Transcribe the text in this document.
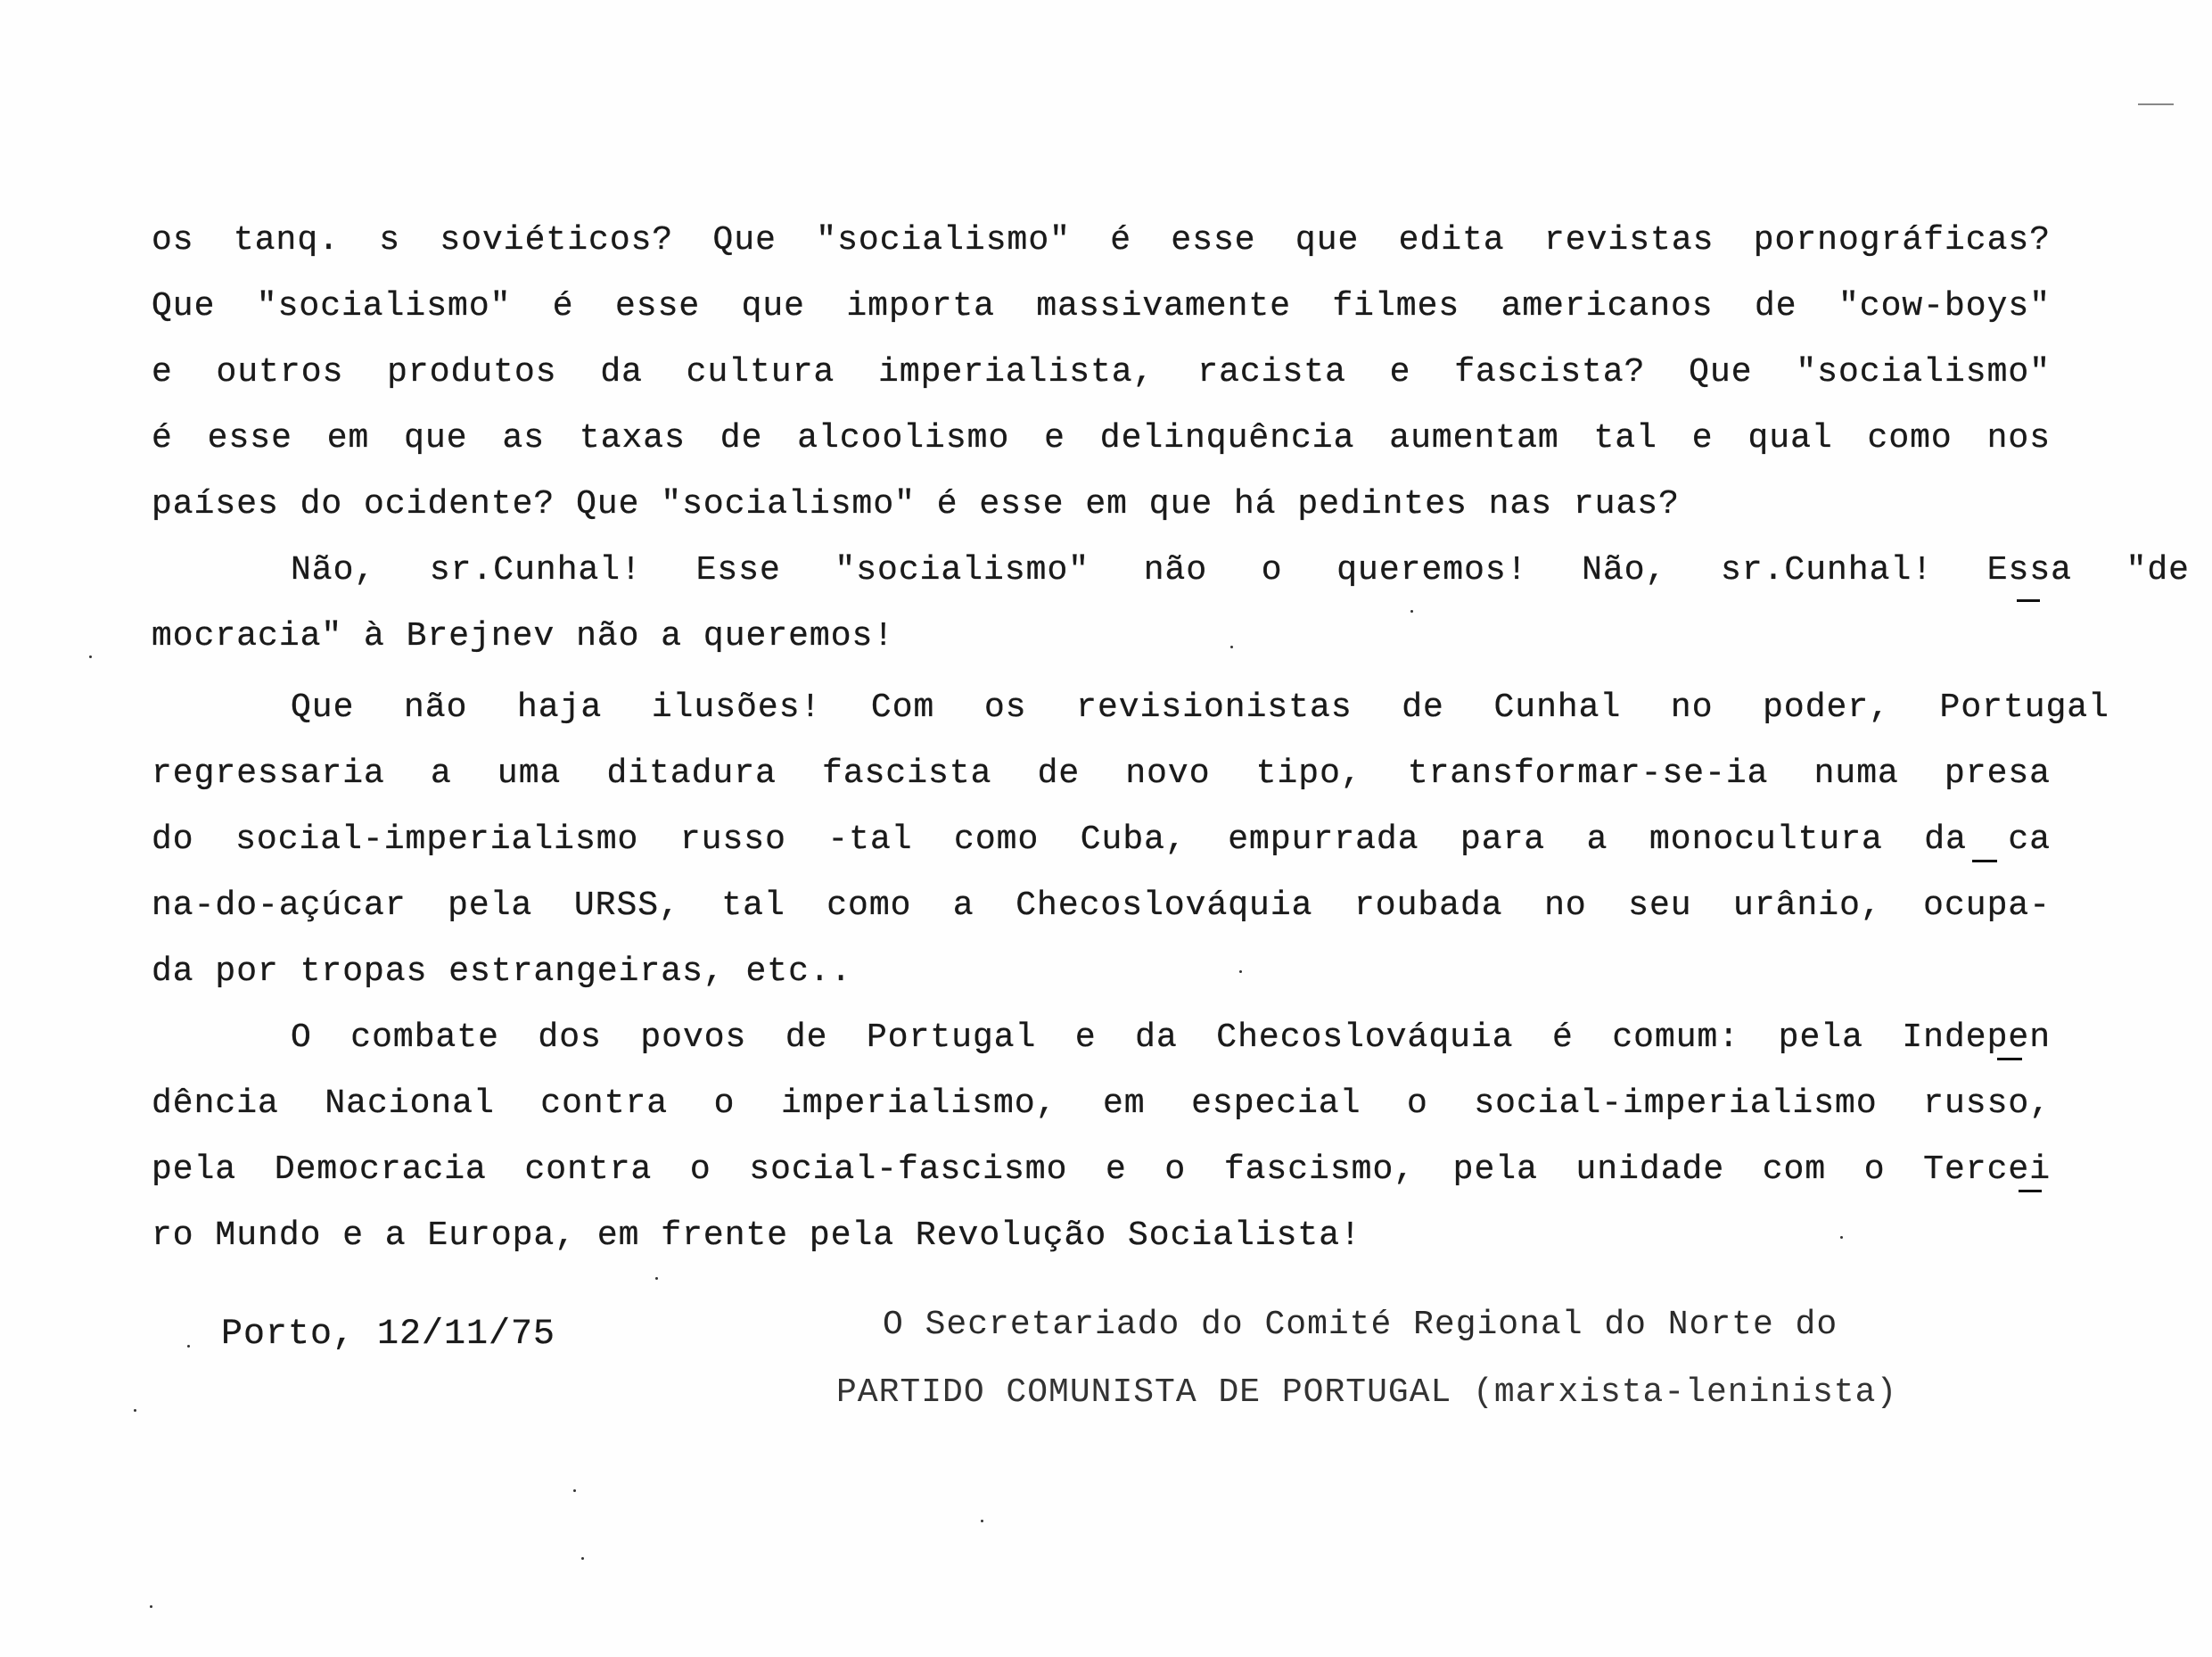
os tanq. s soviéticos? Que "socialismo" é esse que edita revistas pornográficas?
Que "socialismo" é esse que importa massivamente filmes americanos de "cow-boys"
e outros produtos da cultura imperialista, racista e fascista? Que "socialismo"
é esse em que as taxas de alcoolismo e delinquência aumentam tal e qual como nos
países do ocidente? Que "socialismo" é esse em que há pedintes nas ruas?
Não, sr.Cunhal! Esse "socialismo" não o queremos! Não, sr.Cunhal! Essa "de
mocracia" à Brejnev não a queremos!
Que não haja ilusões! Com os revisionistas de Cunhal no poder, Portugal
regressaria a uma ditadura fascista de novo tipo, transformar-se-ia numa presa
do social-imperialismo russo -tal como Cuba, empurrada para a monocultura da ca
na-do-açúcar pela URSS, tal como a Checoslováquia roubada no seu urânio, ocupa-
da por tropas estrangeiras, etc..
O combate dos povos de Portugal e da Checoslováquia é comum: pela Indepen
dência Nacional contra o imperialismo, em especial o social-imperialismo russo,
pela Democracia contra o social-fascismo e o fascismo, pela unidade com o Tercei
ro Mundo e a Europa, em frente pela Revolução Socialista!
Porto, 12/11/75	O Secretariado do Comité Regional do Norte do
PARTIDO COMUNISTA DE PORTUGAL (marxista-leninista)
